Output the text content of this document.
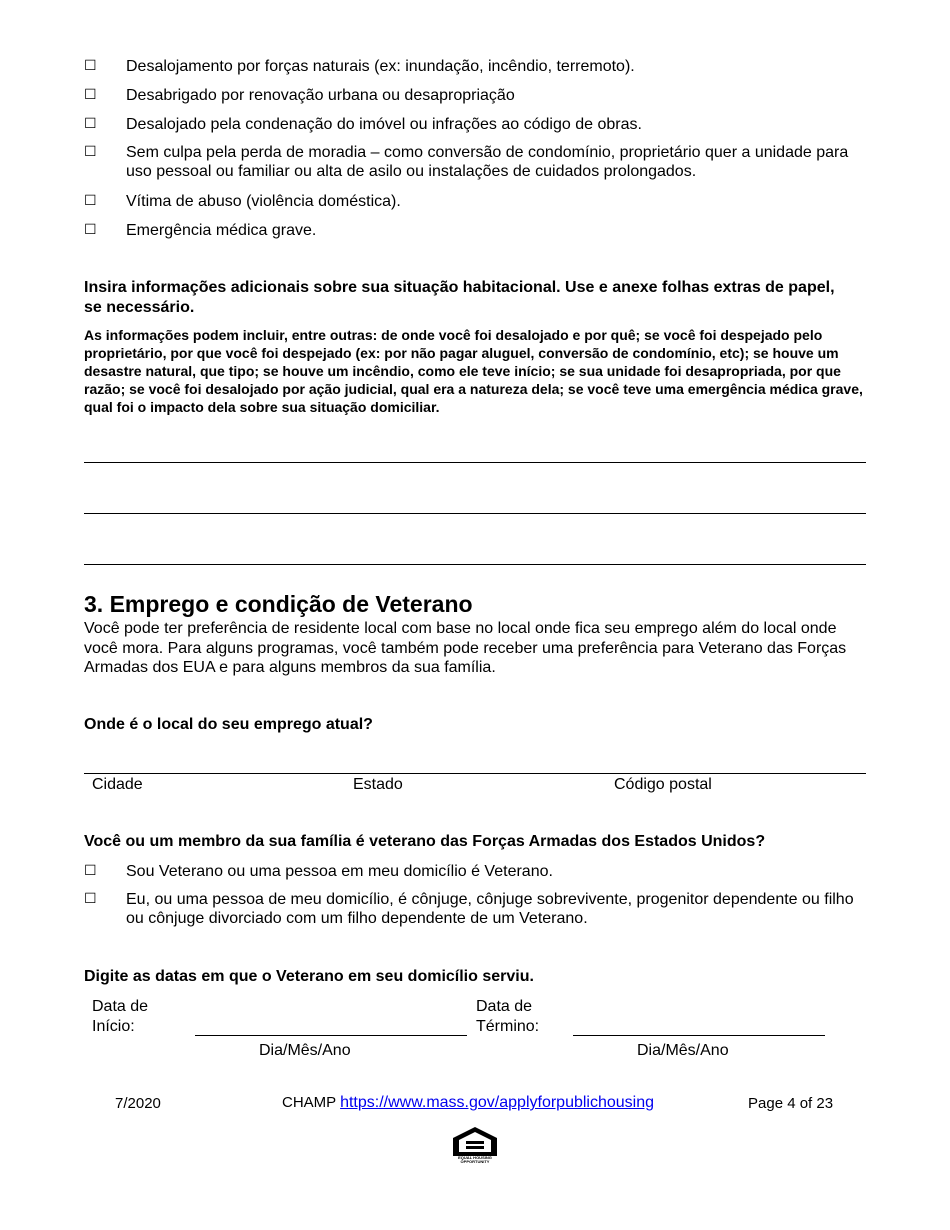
☐ Desalojamento por forças naturais (ex: inundação, incêndio, terremoto).
☐ Desabrigado por renovação urbana ou desapropriação
☐ Desalojado pela condenação do imóvel ou infrações ao código de obras.
☐ Sem culpa pela perda de moradia – como conversão de condomínio, proprietário quer a unidade para uso pessoal ou familiar ou alta de asilo ou instalações de cuidados prolongados.
☐ Vítima de abuso (violência doméstica).
☐ Emergência médica grave.
Insira informações adicionais sobre sua situação habitacional. Use e anexe folhas extras de papel, se necessário.
As informações podem incluir, entre outras: de onde você foi desalojado e por quê; se você foi despejado pelo proprietário, por que você foi despejado (ex: por não pagar aluguel, conversão de condomínio, etc); se houve um desastre natural, que tipo; se houve um incêndio, como ele teve início; se sua unidade foi desapropriada, por que razão; se você foi desalojado por ação judicial, qual era a natureza dela; se você teve uma emergência médica grave, qual foi o impacto dela sobre sua situação domiciliar.
3. Emprego e condição de Veterano
Você pode ter preferência de residente local com base no local onde fica seu emprego além do local onde você mora. Para alguns programas, você também pode receber uma preferência para Veterano das Forças Armadas dos EUA e para alguns membros da sua família.
Onde é o local do seu emprego atual?
Cidade	Estado	Código postal
Você ou um membro da sua família é veterano das Forças Armadas dos Estados Unidos?
☐ Sou Veterano ou uma pessoa em meu domicílio é Veterano.
☐ Eu, ou uma pessoa de meu domicílio, é cônjuge, cônjuge sobrevivente, progenitor dependente ou filho ou cônjuge divorciado com um filho dependente de um Veterano.
Digite as datas em que o Veterano em seu domicílio serviu.
Data de
Início:
Dia/Mês/Ano
Data de
Término:
Dia/Mês/Ano
7/2020	CHAMP https://www.mass.gov/applyforpublichousing	Page 4 of 23
EQUAL HOUSING OPPORTUNITY
